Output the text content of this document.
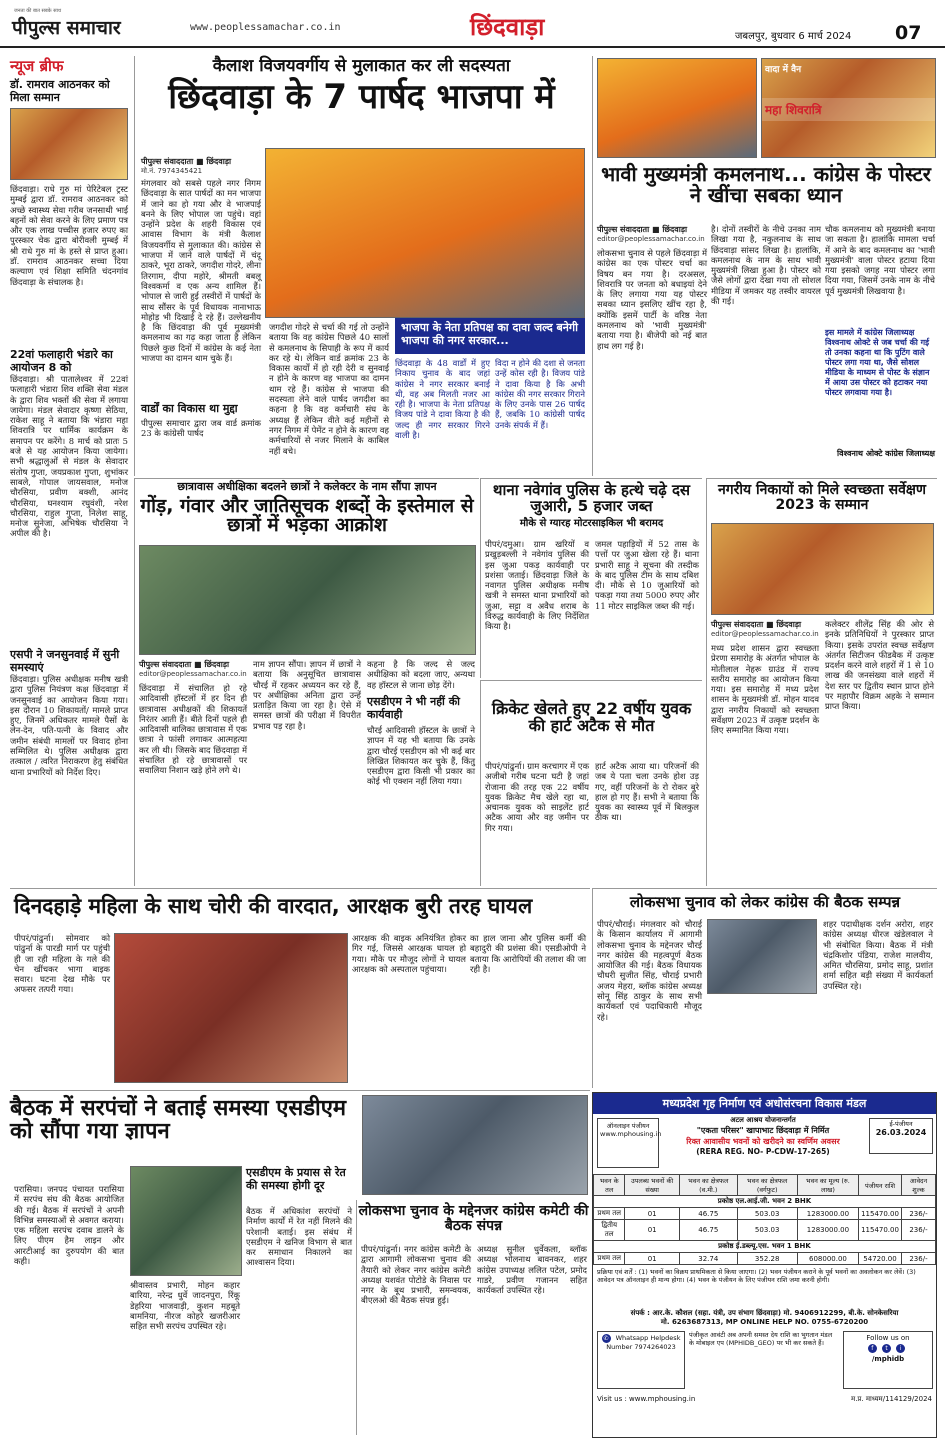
जनता की बात सबके साथ
पीपुल्स समाचार	www.peoplessamachar.co.in	छिंदवाड़ा	जबलपुर, बुधवार 6 मार्च 2024 07
न्यूज ब्रीफ
डॉ. रामराव आठनकर को मिला सम्मान
छिंदवाड़ा। राधे गुरु मां पेरिटेबल ट्रस्ट मुम्बई द्वारा डॉ. रामराव आठनकर को अच्छे स्वास्थ्य सेवा गरीब जनसाथी भाई बहनों को सेवा करने के लिए प्रमाण पत्र और एक लाख पच्चीस हजार रुपए का पुरस्कार चेक द्वारा बोरीवली मुम्बई में श्री राधे गुरु मां के हस्ते से प्राप्त हुआ। डॉ. रामराव आठनकर सच्चा दिया कल्याण एवं शिक्षा समिति चंदनगांव छिंदवाड़ा के संचालक है।
22वां फलाहारी भंडारे का आयोजन 8 को
छिंदवाड़ा। श्री पातालेश्वर में 22वां फलाहारी भंडारा शिव शक्ति सेवा मंडल के द्वारा शिव भक्तों की सेवा में लगाया जायेगा। मंडल सेवादार कृष्णा सेठिया, राकेश साहू ने बताया कि भंडारा महा शिवरात्रि पर धार्मिक कार्यक्रम के समापन पर करेंगे। 8 मार्च को प्रातः 5 बजे से यह आयोजन किया जायेगा। सभी श्रद्धालुओं से मंडल के सेवादार संतोष गुप्ता, जयप्रकाश गुप्ता, शुभांकर साबले, गोपाल जायसवाल, मनोज चौरसिया, प्रवीण बक्शी, आनंद चौरसिया, घनश्याम रघुवंशी, नरेश चौरसिया, राहुल गुप्ता, निलेश साहू, मनोज सुनेजा, अभिषेक चौरसिया ने अपील की है।
एसपी ने जनसुनवाई में सुनी समस्याएं
छिंदवाड़ा। पुलिस अधीक्षक मनीष खत्री द्वारा पुलिस नियंत्रण कक्ष छिंदवाड़ा में जनसुनवाई का आयोजन किया गया। इस दौरान 10 शिकायतों/ मामले प्राप्त हुए, जिनमें अधिकतर मामले पैसों के लेन-देन, पति-पत्नी के विवाद और जमीन संबंधी मामलों पर विवाद होना सम्मिलित थे। पुलिस अधीक्षक द्वारा तत्काल / त्वरित निराकरण हेतु संबंधित थाना प्रभारियों को निर्देश दिए।
कैलाश विजयवर्गीय से मुलाकात कर ली सदस्यता
छिंदवाड़ा के 7 पार्षद भाजपा में
पीपुल्स संवाददाता ■ छिंदवाड़ा
मो.नं. 7974345421
भाजपा के नेता प्रतिपक्ष का दावा जल्द बनेगी भाजपा की नगर सरकार...
मंगलवार को सबसे पहले नगर निगम छिंदवाड़ा के सात पार्षदों का मन भाजपा में जाने का हो गया और वे भाजपाई बनने के लिए भोपाल जा पहुंचे। वहां उन्होंने प्रदेश के शहरी विकास एवं आवास विभाग के मंत्री कैलाश विजयवर्गीय से मुलाकात की। कांग्रेस से भाजपा में जाने वाले पार्षदों में चंदू ठाकरे, भूरा ठाकरे, जगदीश गोदरे, लीना तिरगाम, दीपा महोरे, श्रीमती बबलू विश्वकर्मा व एक अन्य शामिल हैं। भोपाल से जारी हुई तस्वीरों में पार्षदों के साथ सौंसर के पूर्व विधायक नानाभाऊ मोहोड़ भी दिखाई दे रहे हैं। उल्लेखनीय है कि छिंदवाड़ा की पूर्व मुख्यमंत्री कमलनाथ का गढ़ कहा जाता है लेकिन पिछले कुछ दिनों में कांग्रेस के कई नेता भाजपा का दामन थाम चुके हैं।
पीपुल्स समाचार द्वारा जब वार्ड क्रमांक 23 के कांग्रेसी पार्षद
वार्डों का विकास था मुद्दा
जगदीश गोदरे से चर्चा की गई तो उन्होंने बताया कि वह कांग्रेस पिछले 40 सालों से कमलनाथ के सिपाही के रूप में कार्य कर रहे थे। लेकिन वार्ड क्रमांक 23 के विकास कार्यों में हो रही देरी व सुनवाई न होने के कारण वह भाजपा का दामन थाम रहे हैं। कांग्रेस से भाजपा की सदस्यता लेने वाले पार्षद जगदीश का कहना है कि वह कर्मचारी संघ के अध्यक्ष हैं लेकिन वीते कई महीनों से नगर निगम में पेमेंट न होने के कारण वह कर्मचारियों से नजर मिलाने के काबिल नहीं बचे।
छिंदवाड़ा के 48 वार्डों में हुए निकाय चुनाव के बाद जहां कांग्रेस ने नगर सरकार बनाई थी, वह अब मिलती नजर आ रही है। भाजपा के नेता प्रतिपक्ष विजय पांडे ने दावा किया है की जल्द ही नगर सरकार गिरने वाली है।
विदा न होने की दशा से जनता उन्हें कोस रही है। विजय पांडे ने दावा किया है कि अभी कांग्रेस की नगर सरकार गिराने के लिए उनके पास 26 पार्षद हैं, जबकि 10 कांग्रेसी पार्षद उनके संपर्क में हैं।
वादा में वैन
महा शिवरात्रि
भावी मुख्यमंत्री कमलनाथ... कांग्रेस के पोस्टर ने खींचा सबका ध्यान
पीपुल्स संवाददाता ■ छिंदवाड़ा
editor@peoplessamachar.co.in
लोकसभा चुनाव से पहले छिंदवाड़ा में कांग्रेस का एक पोस्टर चर्चा का विषय बन गया है। दरअसल, शिवरात्रि पर जनता को बधाइयां देने के लिए लगाया गया यह पोस्टर सबका ध्यान इसलिए खींच रहा है, क्योंकि इसमें पार्टी के वरिष्ठ नेता कमलनाथ को 'भावी मुख्यमंत्री' बताया गया है। बीजेपी को नई बात हाथ लग गई है।
है। दोनों तस्वीरों के नीचे उनका नाम लिखा गया है, नकुलनाथ के साथ छिंदवाड़ा सांसद लिखा है। हालांकि, कमलनाथ के नाम के साथ भावी मुख्यमंत्री लिखा हुआ है। पोस्टर को जैसे लोगों द्वारा देखा गया तो सोशल मीडिया में जमकर यह तस्वीर वायरल की गई।
चौक कमलनाथ को मुख्यमंत्री बनाया जा सकता है। हालांकि मामला चर्चा में आने के बाद कमलनाथ का 'भावी मुख्यमंत्री' वाला पोस्टर हटाया दिया गया इसको जगह नया पोस्टर लगा दिया गया, जिसमें उनके नाम के नीचे पूर्व मुख्यमंत्री लिखवाया है।
इस मामले में कांग्रेस जिलाध्यक्ष विश्वनाथ ओक्टे से जब चर्चा की गई तो उनका कहना था कि पुटिंग वाले पोस्टर लगा गया था, जैसे सोशल मीडिया के माध्यम से पोस्ट के संज्ञान में आया उस पोस्टर को हटाकर नया पोस्टर लगवाया गया है।
विश्वनाथ ओक्टे कांग्रेस जिलाध्यक्ष
छात्रावास अधीक्षिका बदलने छात्रों ने कलेक्टर के नाम सौंपा ज्ञापन
गोंड़, गंवार और जातिसूचक शब्दों के इस्तेमाल से छात्रों में भड़का आक्रोश
पीपुल्स संवाददाता ■ छिंदवाड़ा
editor@peoplessamachar.co.in
छिंदवाड़ा में संचालित हो रहे आदिवासी हॉस्टलों में हर दिन ही छात्रावास अधीक्षकों की शिकायतें निरंतर आती हैं। बीते दिनों पहले ही आदिवासी बालिका छात्रावास में एक छात्रा ने फांसी लगाकर आत्महत्या कर ली थी। जिसके बाद छिंदवाड़ा में संचालित हो रहे छात्रावासों पर सवालिया निशान खड़े होने लगे थे।
नाम ज्ञापन सौंपा। ज्ञापन में छात्रों ने बताया कि अनुसूचित छात्रावास चौरई में रहकर अध्ययन कर रहे हैं, पर अधीक्षिका अनिता द्वारा उन्हें प्रताड़ित किया जा रहा है। ऐसे में समस्त छात्रों की परीक्षा में विपरीत प्रभाव पड़ रहा है।
कहना है कि जल्द से जल्द अधीक्षिका को बदला जाए, अन्यथा वह हॉस्टल से जाना छोड़ देंगे।
एसडीएम ने भी नहीं की कार्यवाही
चौरई आदिवासी हॉस्टल के छात्रों ने ज्ञापन में यह भी बताया कि उनके द्वारा चौरई एसडीएम को भी कई बार लिखित शिकायत कर चुके हैं, किंतु एसडीएम द्वारा किसी भी प्रकार का कोई भी एक्शन नहीं लिया गया।
थाना नवेगांव पुलिस के हत्थे चढ़े दस जुआरी, 5 हजार जब्त
मौके से ग्यारह मोटरसाइकिल भी बरामद
पीपरं/दमुआ। ग्राम खरियों व प्रखुड़बल्ली ने नवेगांव पुलिस की इस जुआ पकड़ कार्यवाही पर प्रशंसा जताई। छिंदवाड़ा जिले के नवागत पुलिस अधीक्षक मनीष खत्री ने समस्त थाना प्रभारियों को जुआ, सट्टा व अवैध शराब के विरुद्ध कार्यवाही के लिए निर्देशित किया है।
जमल पहाड़ियों में 52 तास के पत्तों पर जुआ खेला रहे हैं। थाना प्रभारी साहू ने सूचना की तस्दीक के बाद पुलिस टीम के साथ दबिश दी। मौके से 10 जुआरियों को पकड़ा गया तथा 5000 रुपए और 11 मोटर साइकिल जब्त की गई।
क्रिकेट खेलते हुए 22 वर्षीय युवक की हार्ट अटैक से मौत
पीपरं/पांढुर्ना। ग्राम करचागर में एक अजीबो गरीब घटना घटी है जहां रोजाना की तरह एक 22 वर्षीय युवक क्रिकेट मैच खेले रहा था, अचानक युवक को साइलेंट हार्ट अटैक आया और वह जमीन पर गिर गया।
हार्ट अटैक आया था। परिजनों की जब ये पता चला उनके होश उड़ गए, वहीं परिजनों के रो रोकर बुरे हाल हो गए हैं। सभी ने बताया कि युवक का स्वास्थ्य पूर्व में बिलकुल ठीक था।
नगरीय निकायों को मिले स्वच्छता सर्वेक्षण 2023 के सम्मान
पीपुल्स संवाददाता ■ छिंदवाड़ा
editor@peoplessamachar.co.in
मध्य प्रदेश शासन द्वारा स्वच्छता प्रेरणा समारोह के अंतर्गत भोपाल के मोतीलाल नेहरू ग्राउंड में राज्य स्तरीय समारोह का आयोजन किया गया। इस समारोह में मध्य प्रदेश शासन के मुख्यमंत्री डॉ. मोहन यादव द्वारा नगरीय निकायों को स्वच्छता सर्वेक्षण 2023 में उत्कृष्ट प्रदर्शन के लिए सम्मानित किया गया।
कलेक्टर शीलेंद्र सिंह की ओर से इनके प्रतिनिधियों ने पुरस्कार प्राप्त किया। इसके उपरांत स्वच्छ सर्वेक्षण अंतर्गत सिटीजन फीडबैक में उत्कृष्ट प्रदर्शन करने वाले शहरों में 1 से 10 लाख की जनसंख्या वाले शहरों में देश स्तर पर द्वितीय स्थान प्राप्त होने पर महापौर विक्रम अहके ने सम्मान प्राप्त किया।
दिनदहाड़े महिला के साथ चोरी की वारदात, आरक्षक बुरी तरह घायल
पीपरं/पांढुर्ना। सोमवार को पांढुर्ना के पारडी मार्ग पर पहुंची ही जा रही महिला के गले की चेन खींचकर भागा बाइक सवार। घटना देख मौके पर अफसर तत्परी गया।
आरक्षक की बाइक अनियंत्रित होकर गिर गई, जिससे आरक्षक घायल हो गया। मौके पर मौजूद लोगों ने घायल आरक्षक को अस्पताल पहुंचाया।
का हाल जाना और पुलिस कर्मी की बहादुरी की प्रशंसा की। एसडीओपी ने बताया कि आरोपियों की तलाश की जा रही है।
लोकसभा चुनाव को लेकर कांग्रेस की बैठक सम्पन्न
पीपरं/चौराई। मंगलवार को चौराई के किसान कार्यालय में आगामी लोकसभा चुनाव के मद्देनजर चौरई नगर कांग्रेस की महत्वपूर्ण बैठक आयोजित की गई। बैठक विधायक चौधरी सुजीत सिंह, चौराई प्रभारी अजय मेहरा, ब्लॉक कांग्रेस अध्यक्ष सोनू सिंह ठाकुर के साथ सभी कार्यकर्ता एवं पदाधिकारी मौजूद रहे।
शहर पदाधीक्षक दर्शन अरोरा, शहर कांग्रेस अध्यक्ष धीरज खंडेलवाल ने भी संबोधित किया। बैठक में मंत्री चंद्रकिशोर पंडिया, राजेश मालवीय, अमित चौरसिया, प्रमोद साहू, प्रशांत शर्मा सहित बड़ी संख्या में कार्यकर्ता उपस्थित रहे।
बैठक में सरपंचों ने बताई समस्या एसडीएम को सौंपा गया ज्ञापन
परासिया। जनपद पंचायत परासिया में सरपंच संघ की बैठक आयोजित की गई। बैठक में सरपंचों ने अपनी विभिन्न समस्याओं से अवगत कराया। एक महिला सरपंच दवाब डालने के लिए पीएम हैम लाइन और आरटीआई का दुरुपयोग की बात कही।
श्रीवास्तव प्रभारी, मोहन कहार बारिया, नरेन्द्र धुर्वे जादनपुरा, रिंकू डेहरिया भाजवाड़ी, कुशन महबूते बामनिया, नीरज कोहरे खजरीआर सहित सभी सरपंच उपस्थित रहे।
एसडीएम के प्रयास से रेत की समस्या होगी दूर
बैठक में अधिकांश सरपंचों ने निर्माण कार्यों में रेत नहीं मिलने की परेशानी बताई। इस संबंध में एसडीएम ने खनिज विभाग से बात कर समाधान निकालने का आश्वासन दिया।
लोकसभा चुनाव के मद्देनजर कांग्रेस कमेटी की बैठक संपन्न
पीपरं/पांढुर्ना। नगर कांग्रेस कमेटी के द्वारा आगामी लोकसभा चुनाव की तैयारी को लेकर नगर कांग्रेस कमेटी अध्यक्ष यशवंत पोटोडे के निवास पर नगर के बूथ प्रभारी, समन्वयक, बीएलओ की बैठक संपन्न हुई।
अध्यक्ष सुनील धुर्वेकला, ब्लॉक अध्यक्ष भोलनाथ बावनकर, शहर कांग्रेस उपाध्यक्ष ललित पटेल, प्रमोद गाडरे, प्रवीण गजानन सहित कार्यकर्ता उपस्थित रहे।
मध्यप्रदेश गृह निर्माण एवं अधोसंरचना विकास मंडल
ऑनलाइन पंजीयन www.mphousing.in
अटल आश्रय योजनान्तर्गत
"एकता परिसर" खापाभाट छिंदवाड़ा में निर्मित
रिक्त आवासीय भवनों को खरीदने का स्वर्णिम अवसर
(RERA REG. NO- P-CDW-17-265)
ई-पंजीयन
26.03.2024
भवन के तल	उपलब्ध भवनों की संख्या	भवन का क्षेत्रफल (व.मी.)	भवन का क्षेत्रफल (वर्गफुट)	भवन का मूल्य (रु. लाख)	पंजीयन राशि	आवेदन शुल्क
प्रकोष्ठ एल.आई.जी. भवन 2 BHK						
प्रथम तल	01	46.75	503.03	1283000.00	115470.00	236/-
द्वितीय तल	01	46.75	503.03	1283000.00	115470.00	236/-
प्रकोष्ठ ई.डब्ल्यू.एस. भवन 1 BHK						
प्रथम तल	01	32.74	352.28	608000.00	54720.00	236/-
प्रक्रिया एवं शर्तें : (1) भवनों का विक्रय प्राथमिकता से किया जाएगा। (2) भवन पंजीयन कराने के पूर्व भवनों का अवलोकन कर लेवें। (3) आवेदन पत्र ऑनलाइन ही मान्य होगा। (4) भवन के पंजीयन के लिए पंजीयन राशि जमा करनी होगी।
संपर्क : आर.के. कौशल (सहा. यंत्री, उप संभाग छिंदवाड़ा) मो. 9406912299, बी.के. सोनकेसरिया
मो. 6263687313, MP ONLINE HELP NO. 0755-6720200
✆ Whatsapp Helpdesk Number 7974264023
पंजीकृत आवंटी अब अपनी समस्त देय राशि का भुगतान मंडल के मोबाइल एप (MPHIDB_GEO) पर भी कर सकते हैं।
Follow us on
f t i
/mphidb
Visit us : www.mphousing.in	म.प्र. माध्यम/114129/2024
